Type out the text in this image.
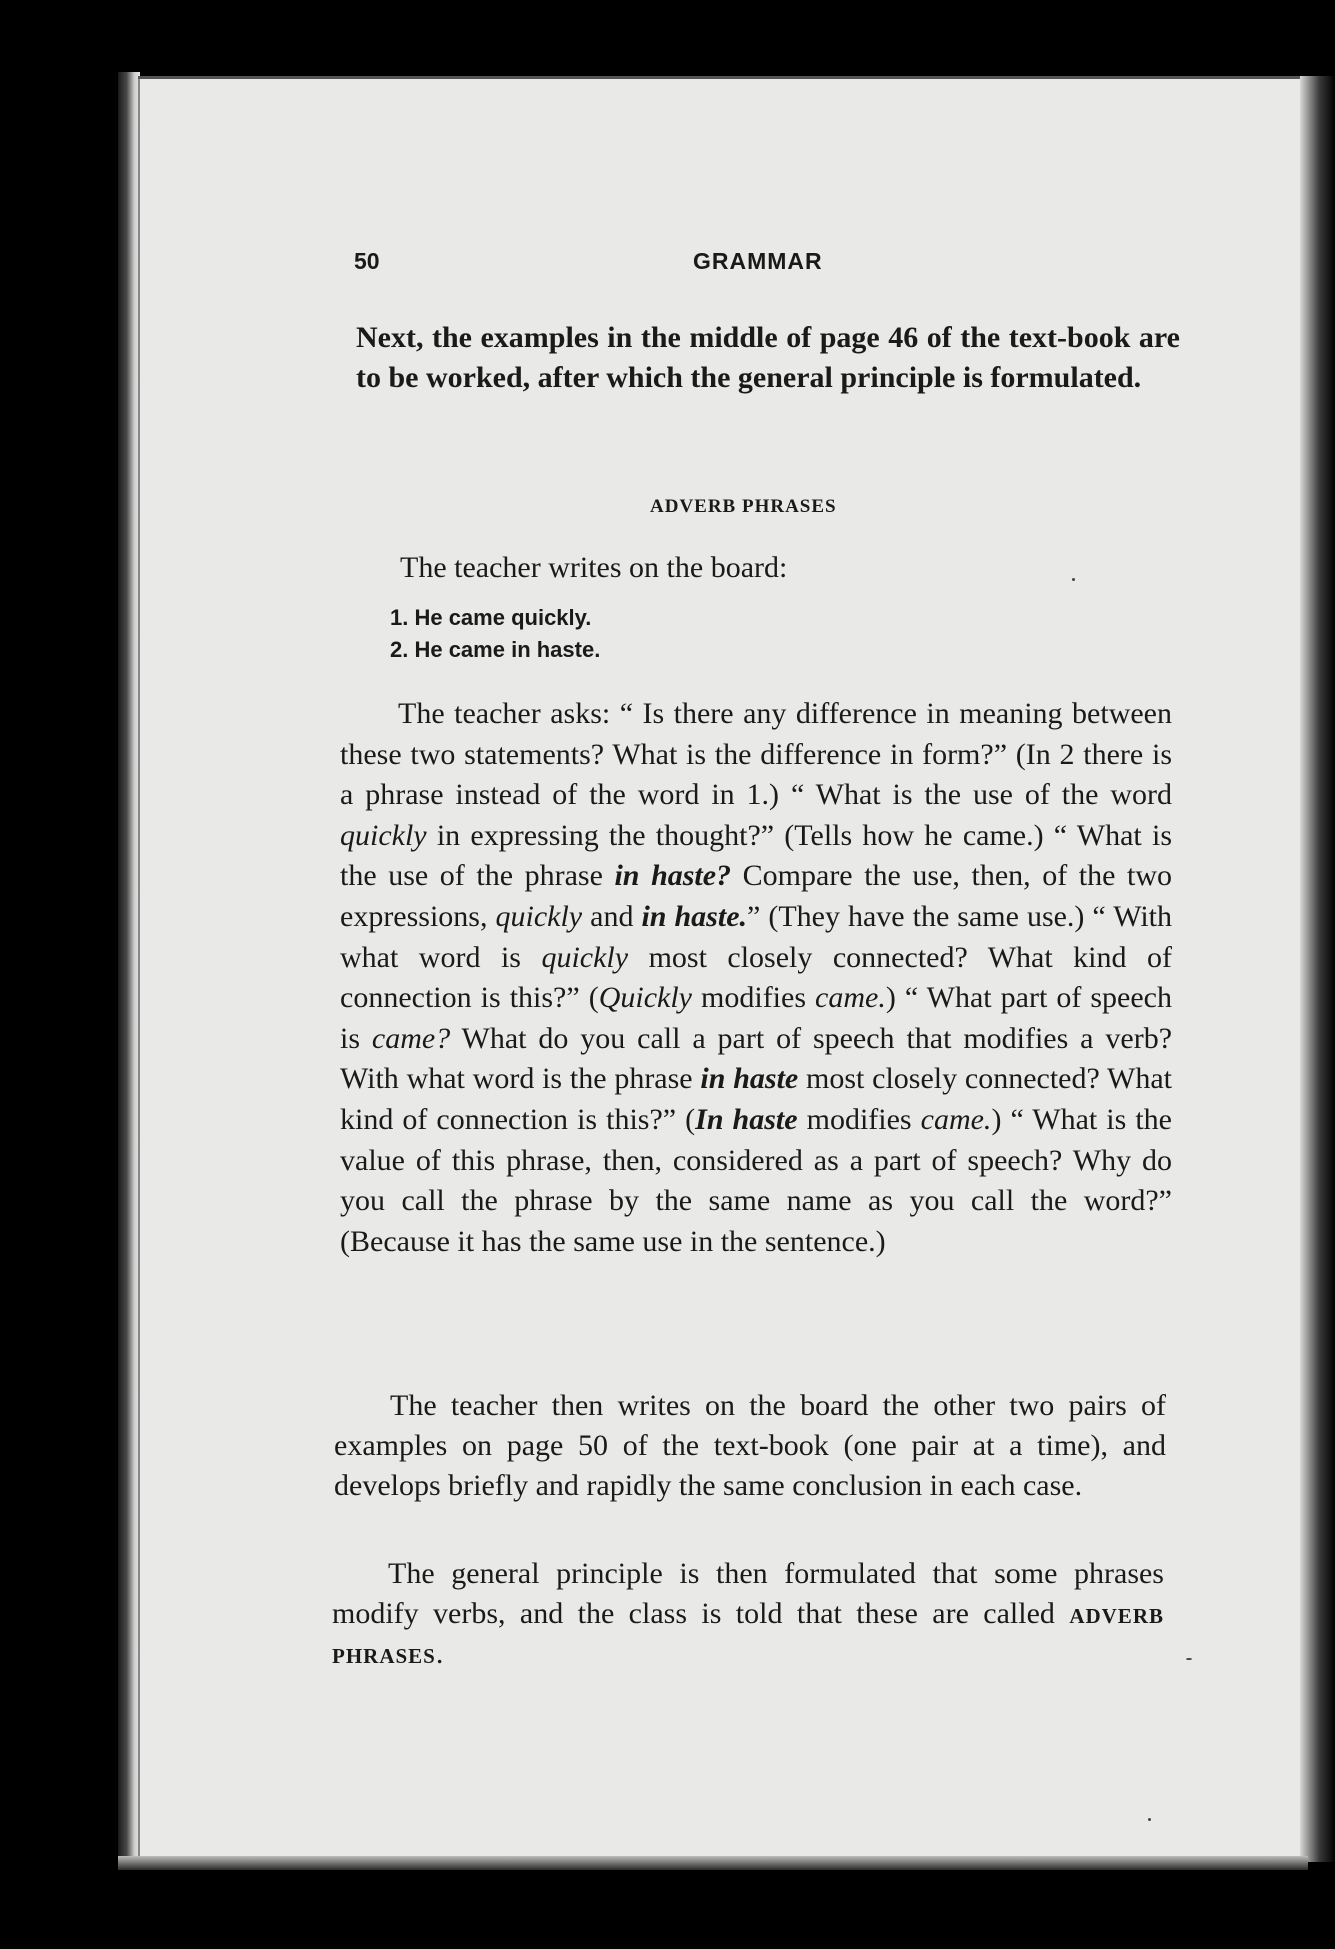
50	GRAMMAR
Next, the examples in the middle of page 46 of the text-book are to be worked, after which the general principle is formulated.
ADVERB PHRASES
The teacher writes on the board:
1. He came quickly.
2. He came in haste.
The teacher asks: “ Is there any difference in meaning between these two statements? What is the difference in form?” (In 2 there is a phrase instead of the word in 1.) “ What is the use of the word quickly in expressing the thought?” (Tells how he came.) “ What is the use of the phrase in haste? Compare the use, then, of the two expressions, quickly and in haste.” (They have the same use.) “ With what word is quickly most closely connected? What kind of connection is this?” (Quickly modifies came.) “ What part of speech is came? What do you call a part of speech that modifies a verb? With what word is the phrase in haste most closely connected? What kind of connection is this?” (In haste modifies came.) “ What is the value of this phrase, then, considered as a part of speech? Why do you call the phrase by the same name as you call the word?” (Because it has the same use in the sentence.)
The teacher then writes on the board the other two pairs of examples on page 50 of the text-book (one pair at a time), and develops briefly and rapidly the same conclusion in each case.
The general principle is then formulated that some phrases modify verbs, and the class is told that these are called adverb phrases.
